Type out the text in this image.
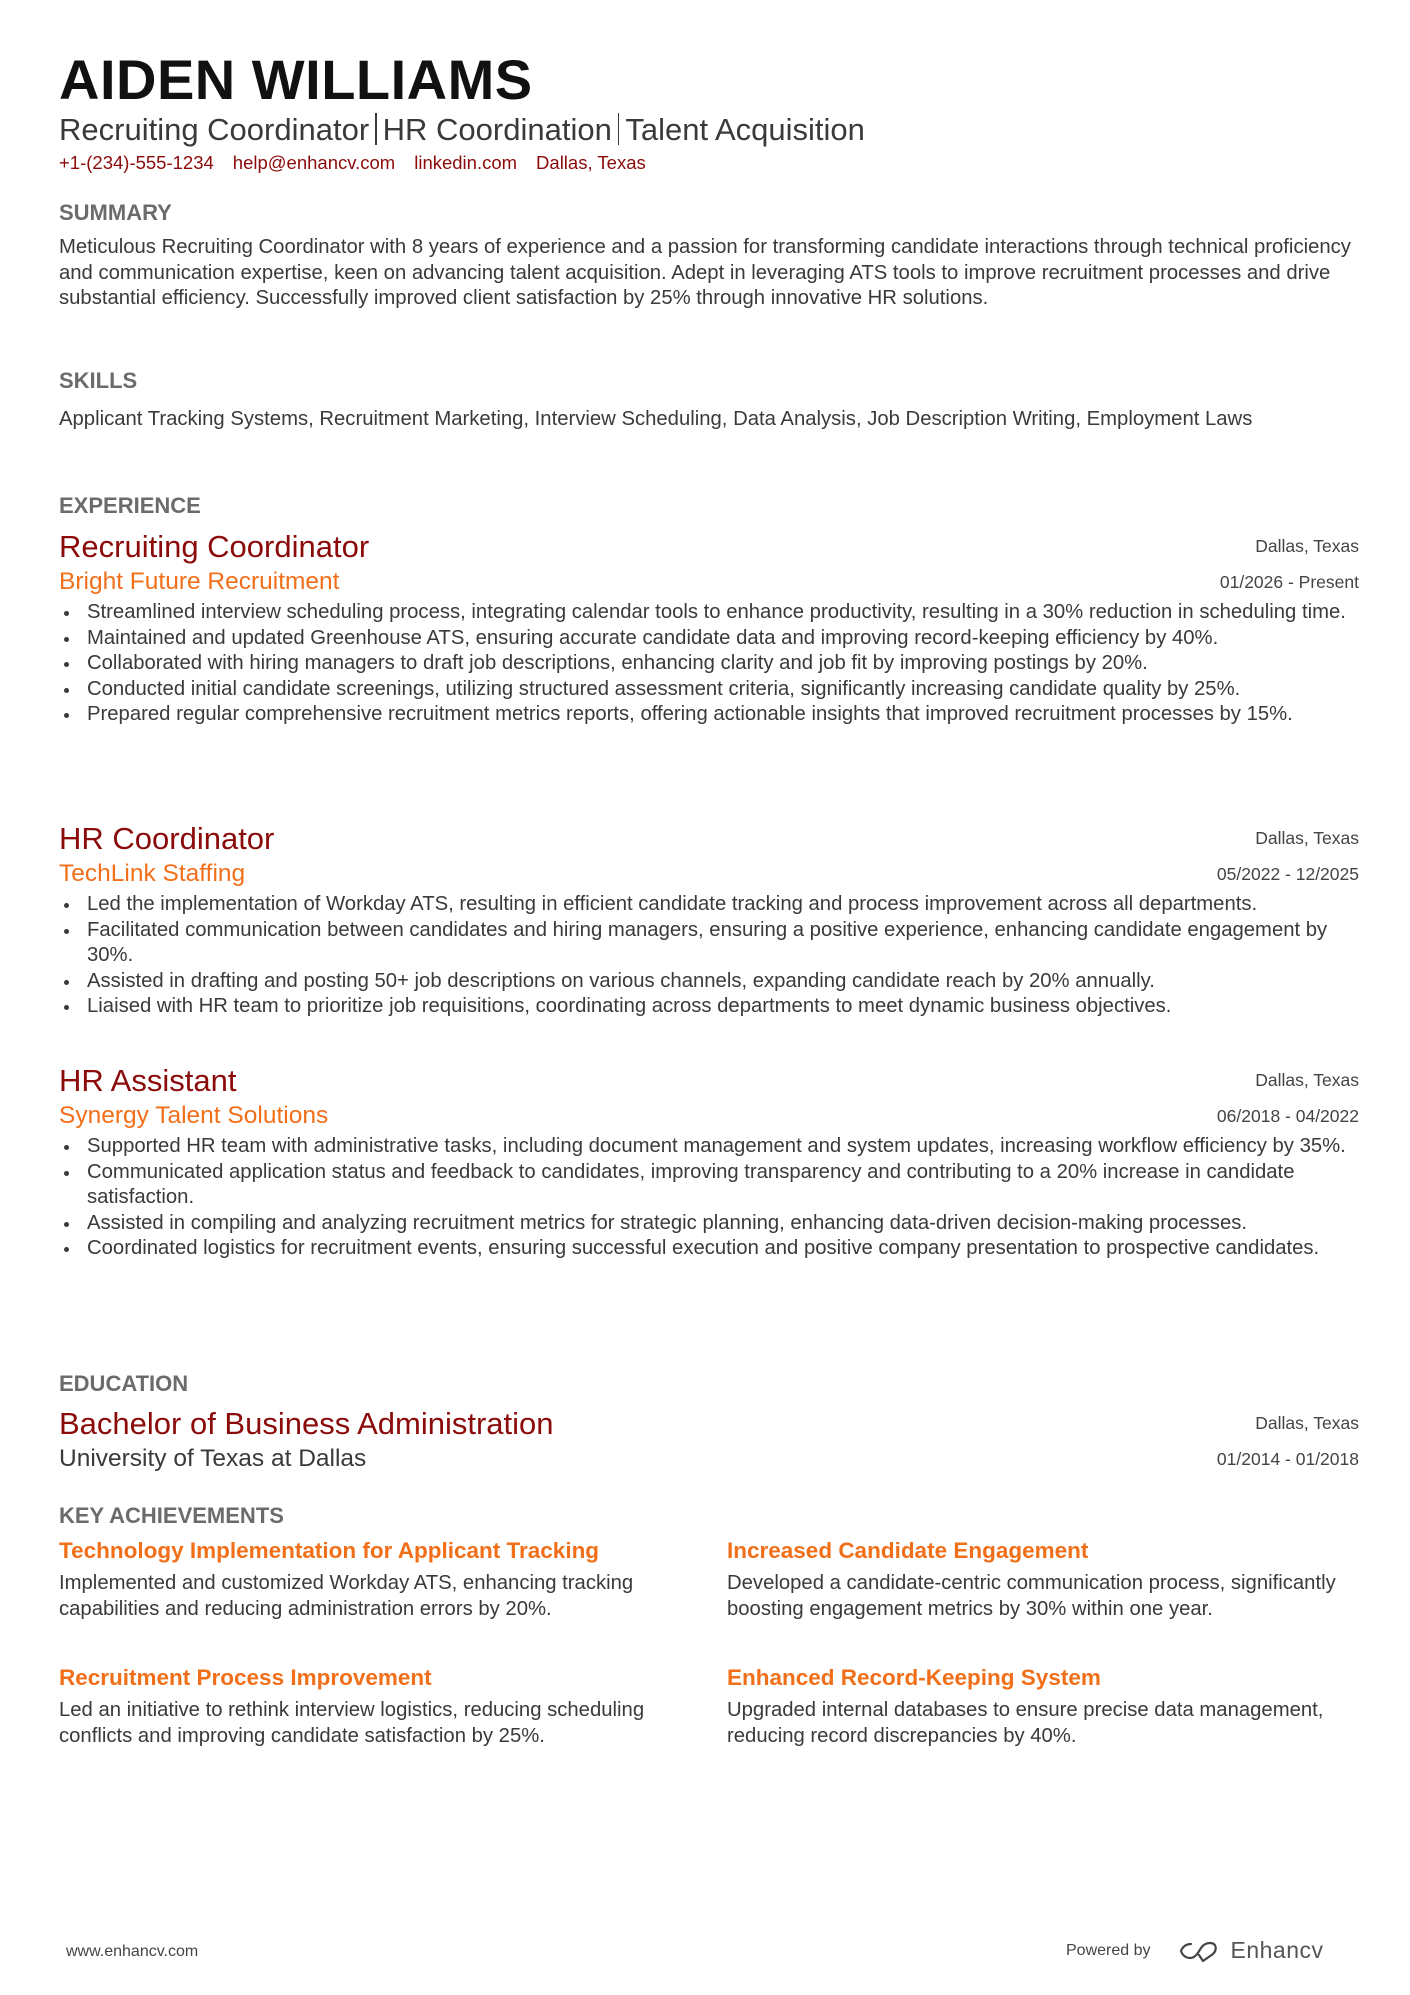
AIDEN WILLIAMS
Recruiting Coordinator HR Coordination Talent Acquisition
+1-(234)-555-1234 help@enhancv.com linkedin.com Dallas, Texas
SUMMARY
Meticulous Recruiting Coordinator with 8 years of experience and a passion for transforming candidate interactions through technical proficiency and communication expertise, keen on advancing talent acquisition. Adept in leveraging ATS tools to improve recruitment processes and drive substantial efficiency. Successfully improved client satisfaction by 25% through innovative HR solutions.
SKILLS
Applicant Tracking Systems, Recruitment Marketing, Interview Scheduling, Data Analysis, Job Description Writing, Employment Laws
EXPERIENCE
Dallas, Texas
01/2026 - Present
Recruiting Coordinator
Bright Future Recruitment
Streamlined interview scheduling process, integrating calendar tools to enhance productivity, resulting in a 30% reduction in scheduling time.
Maintained and updated Greenhouse ATS, ensuring accurate candidate data and improving record-keeping efficiency by 40%.
Collaborated with hiring managers to draft job descriptions, enhancing clarity and job fit by improving postings by 20%.
Conducted initial candidate screenings, utilizing structured assessment criteria, significantly increasing candidate quality by 25%.
Prepared regular comprehensive recruitment metrics reports, offering actionable insights that improved recruitment processes by 15%.
Dallas, Texas
05/2022 - 12/2025
HR Coordinator
TechLink Staffing
Led the implementation of Workday ATS, resulting in efficient candidate tracking and process improvement across all departments.
Facilitated communication between candidates and hiring managers, ensuring a positive experience, enhancing candidate engagement by 30%.
Assisted in drafting and posting 50+ job descriptions on various channels, expanding candidate reach by 20% annually.
Liaised with HR team to prioritize job requisitions, coordinating across departments to meet dynamic business objectives.
Dallas, Texas
06/2018 - 04/2022
HR Assistant
Synergy Talent Solutions
Supported HR team with administrative tasks, including document management and system updates, increasing workflow efficiency by 35%.
Communicated application status and feedback to candidates, improving transparency and contributing to a 20% increase in candidate satisfaction.
Assisted in compiling and analyzing recruitment metrics for strategic planning, enhancing data-driven decision-making processes.
Coordinated logistics for recruitment events, ensuring successful execution and positive company presentation to prospective candidates.
EDUCATION
Dallas, Texas
01/2014 - 01/2018
Bachelor of Business Administration
University of Texas at Dallas
KEY ACHIEVEMENTS
Technology Implementation for Applicant Tracking
Implemented and customized Workday ATS, enhancing tracking capabilities and reducing administration errors by 20%.
Increased Candidate Engagement
Developed a candidate-centric communication process, significantly boosting engagement metrics by 30% within one year.
Recruitment Process Improvement
Led an initiative to rethink interview logistics, reducing scheduling conflicts and improving candidate satisfaction by 25%.
Enhanced Record-Keeping System
Upgraded internal databases to ensure precise data management, reducing record discrepancies by 40%.
www.enhancv.com	Powered by	Enhancv
